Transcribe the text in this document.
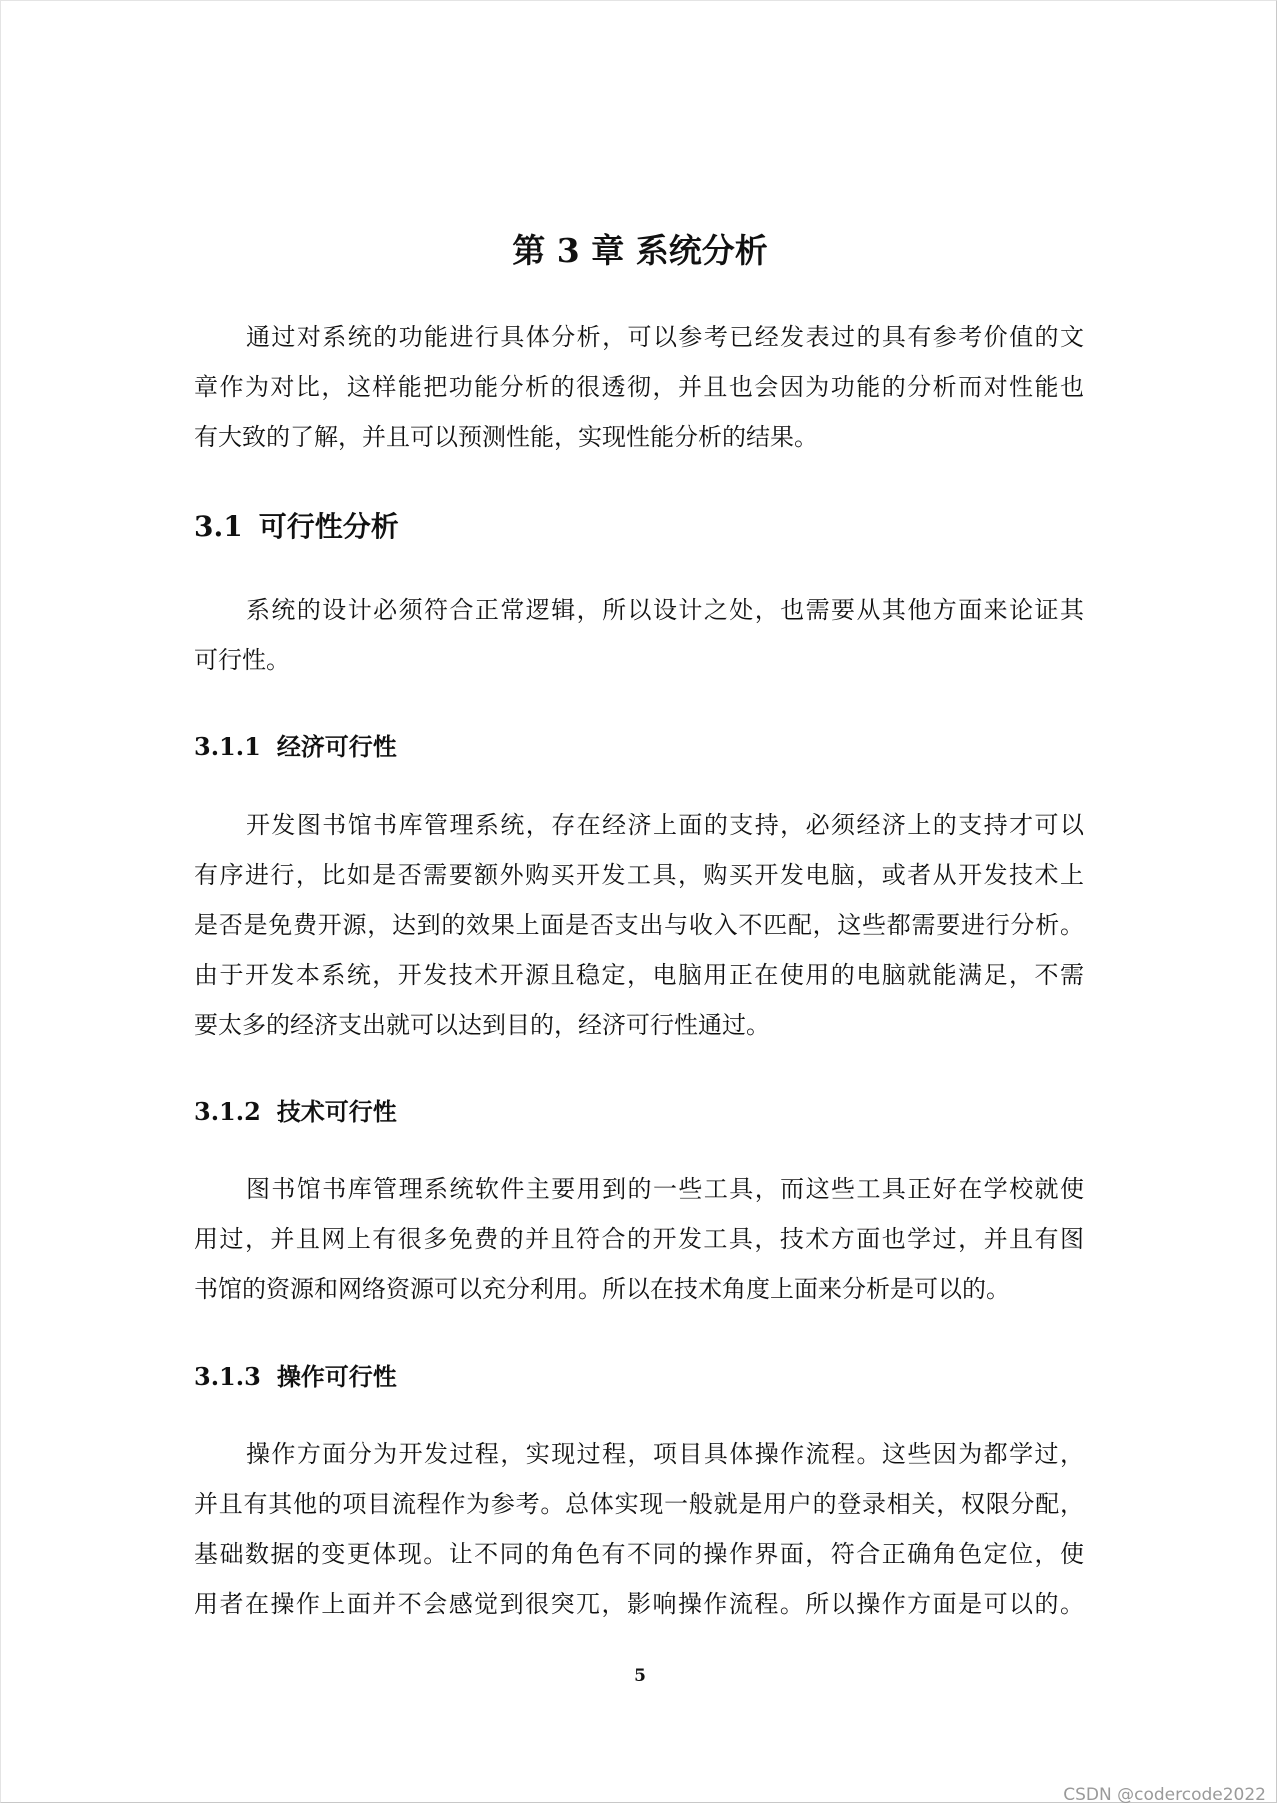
第 3 章 系统分析
通过对系统的功能进行具体分析，可以参考已经发表过的具有参考价值的文
章作为对比，这样能把功能分析的很透彻，并且也会因为功能的分析而对性能也
有大致的了解，并且可以预测性能，实现性能分析的结果。
3.1 可行性分析
系统的设计必须符合正常逻辑，所以设计之处，也需要从其他方面来论证其
可行性。
3.1.1 经济可行性
开发图书馆书库管理系统，存在经济上面的支持，必须经济上的支持才可以
有序进行，比如是否需要额外购买开发工具，购买开发电脑，或者从开发技术上
是否是免费开源，达到的效果上面是否支出与收入不匹配，这些都需要进行分析。
由于开发本系统，开发技术开源且稳定，电脑用正在使用的电脑就能满足，不需
要太多的经济支出就可以达到目的，经济可行性通过。
3.1.2 技术可行性
图书馆书库管理系统软件主要用到的一些工具，而这些工具正好在学校就使
用过，并且网上有很多免费的并且符合的开发工具，技术方面也学过，并且有图
书馆的资源和网络资源可以充分利用。所以在技术角度上面来分析是可以的。
3.1.3 操作可行性
操作方面分为开发过程，实现过程，项目具体操作流程。这些因为都学过，
并且有其他的项目流程作为参考。总体实现一般就是用户的登录相关，权限分配，
基础数据的变更体现。让不同的角色有不同的操作界面，符合正确角色定位，使
用者在操作上面并不会感觉到很突兀，影响操作流程。所以操作方面是可以的。
5
CSDN @codercode2022
